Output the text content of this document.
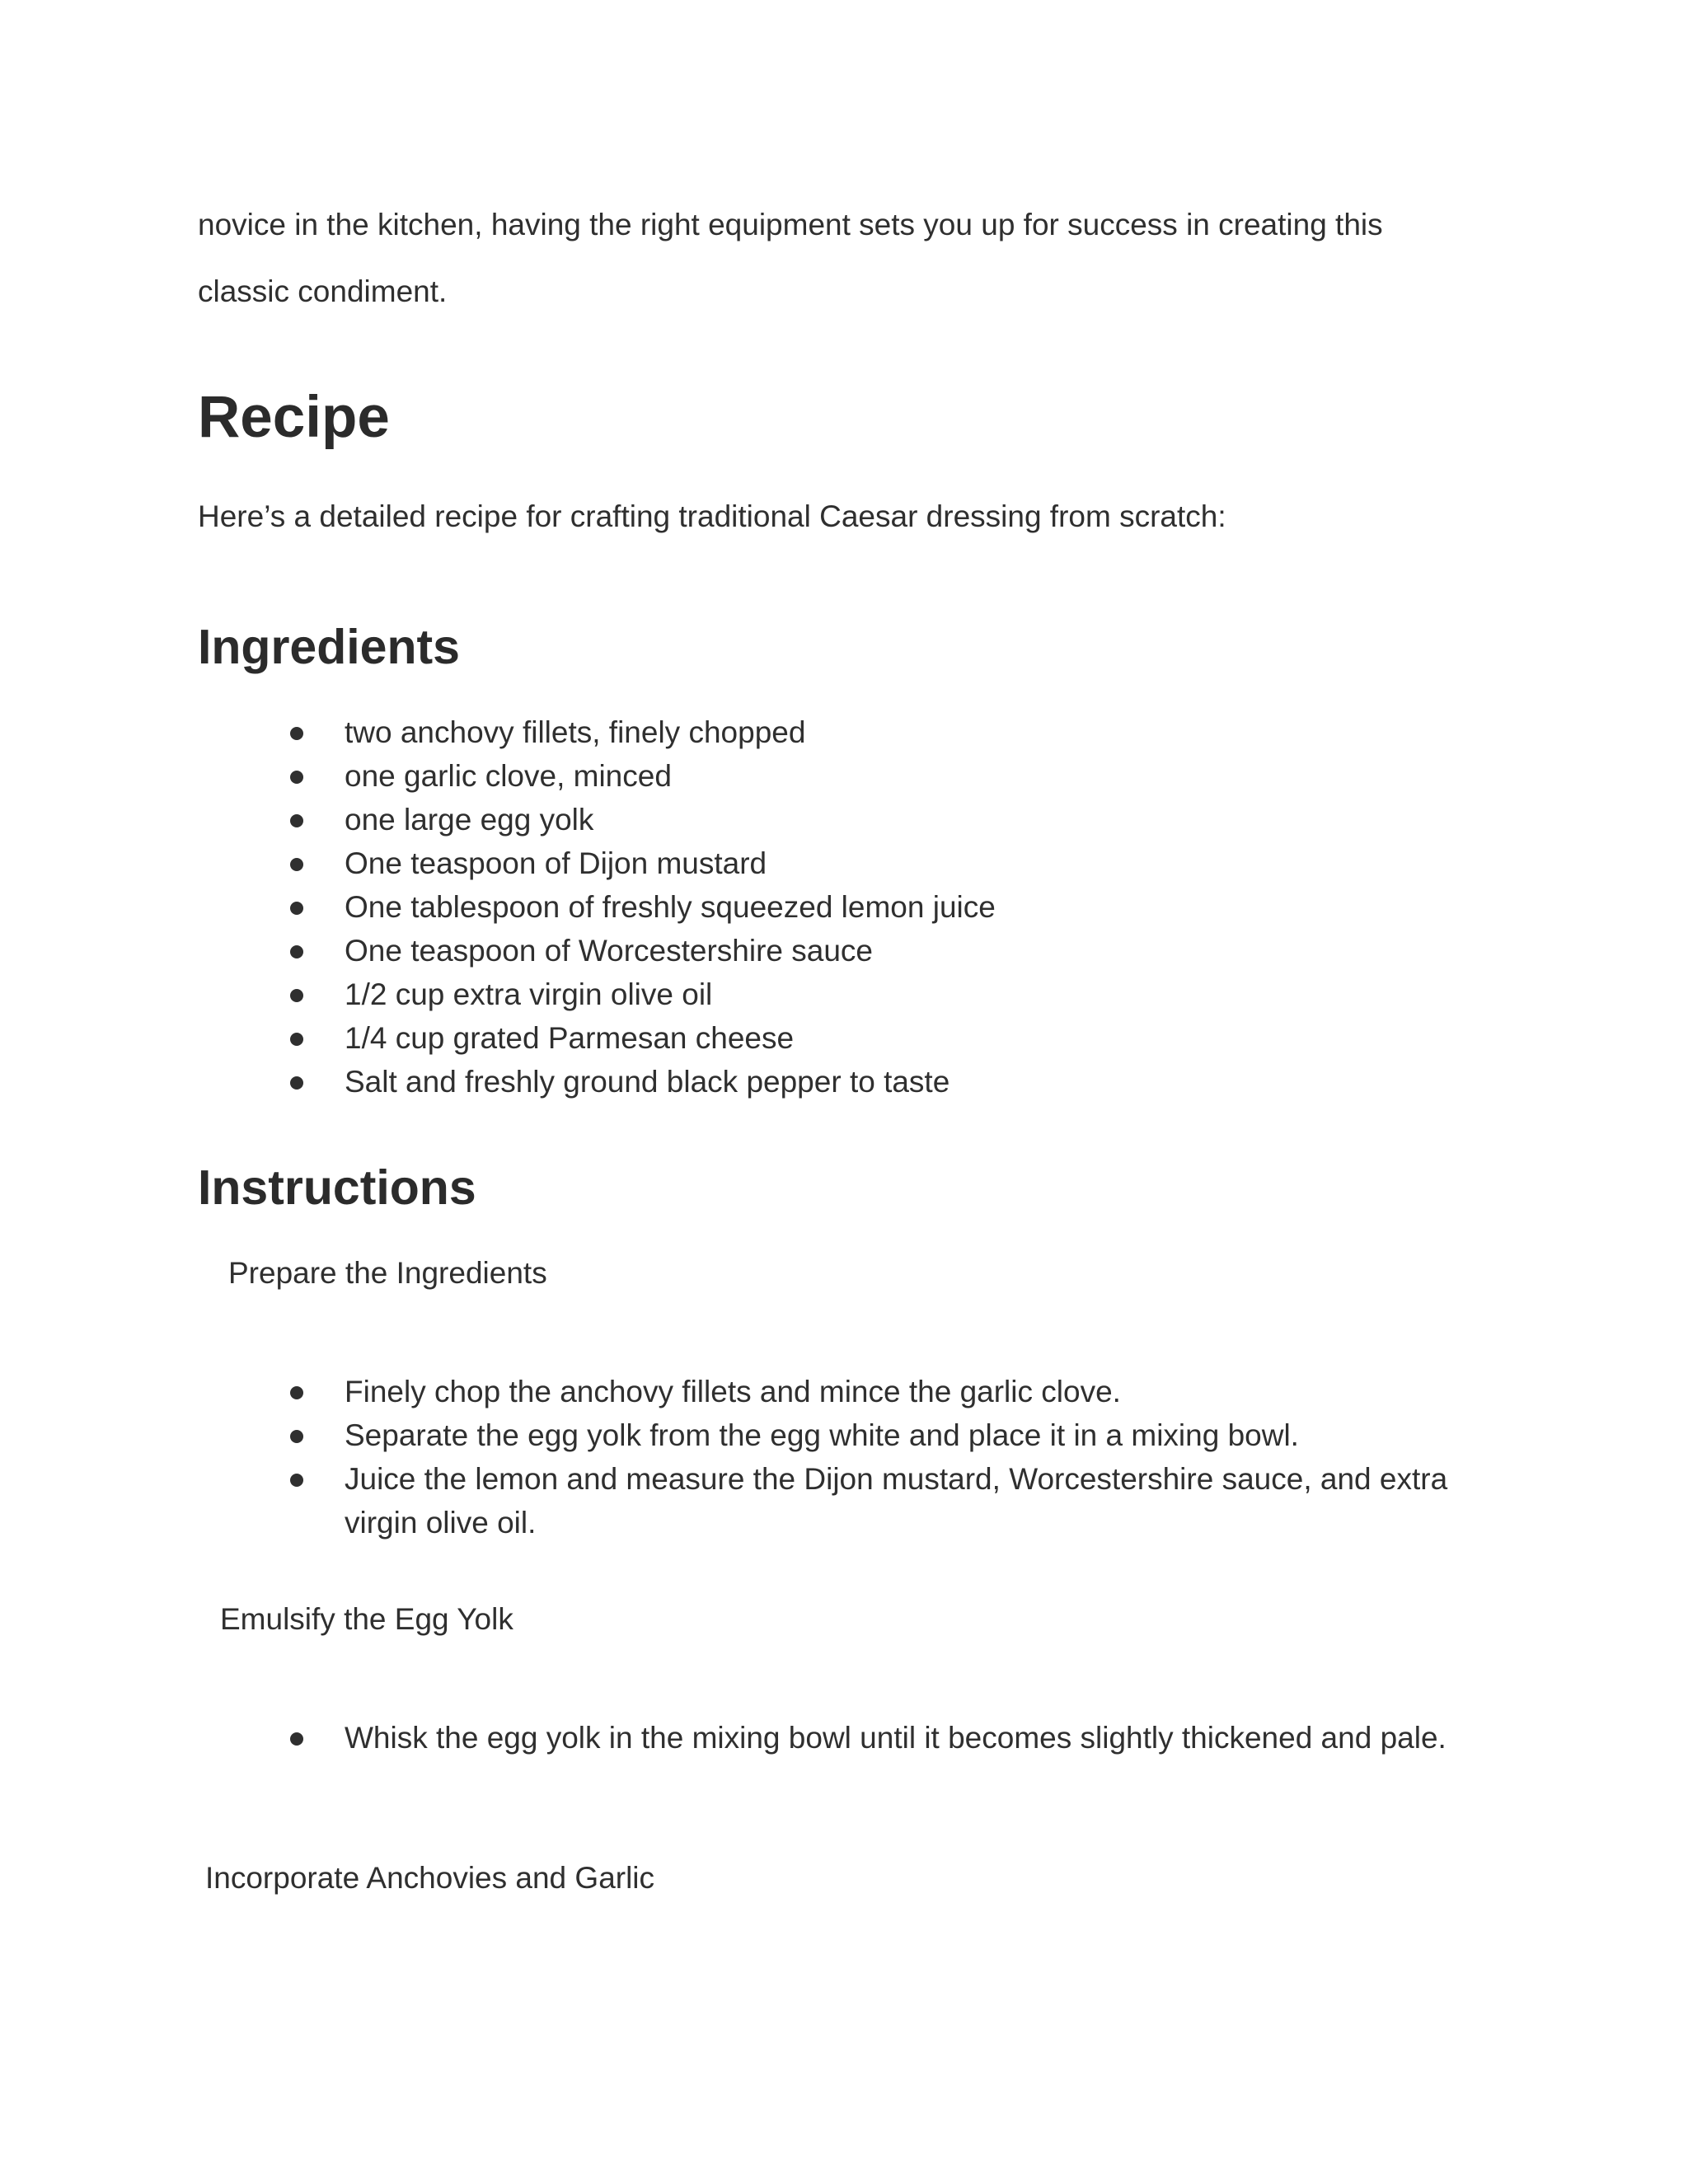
novice in the kitchen, having the right equipment sets you up for success in creating this
classic condiment.
Recipe

Here’s a detailed recipe for crafting traditional Caesar dressing from scratch:

Ingredients
two anchovy fillets, finely chopped
one garlic clove, minced
one large egg yolk
One teaspoon of Dijon mustard
One tablespoon of freshly squeezed lemon juice
One teaspoon of Worcestershire sauce
1/2 cup extra virgin olive oil
1/4 cup grated Parmesan cheese
Salt and freshly ground black pepper to taste
Instructions

Prepare the Ingredients

Finely chop the anchovy fillets and mince the garlic clove.
Separate the egg yolk from the egg white and place it in a mixing bowl.
Juice the lemon and measure the Dijon mustard, Worcestershire sauce, and extra virgin olive oil.

Emulsify the Egg Yolk

Whisk the egg yolk in the mixing bowl until it becomes slightly thickened and pale.

Incorporate Anchovies and Garlic
